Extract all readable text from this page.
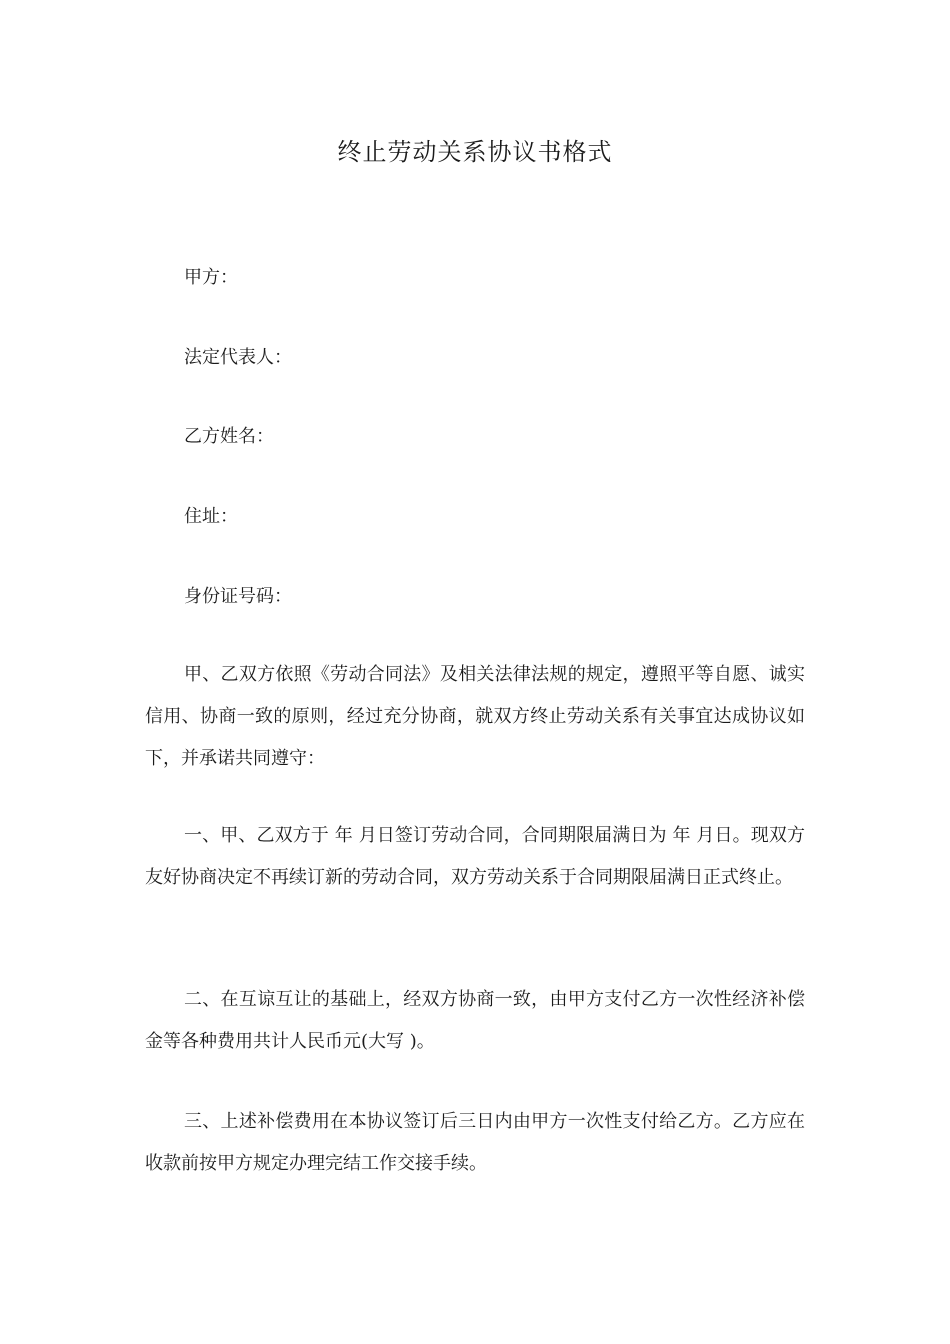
终止劳动关系协议书格式

甲方：

法定代表人：

乙方姓名：

住址：

身份证号码：

甲、乙双方依照《劳动合同法》及相关法律法规的规定，遵照平等自愿、诚实信用、协商一致的原则，经过充分协商，就双方终止劳动关系有关事宜达成协议如下，并承诺共同遵守：

一、甲、乙双方于 年 月日签订劳动合同，合同期限届满日为 年 月日。现双方友好协商决定不再续订新的劳动合同，双方劳动关系于合同期限届满日正式终止。

二、在互谅互让的基础上，经双方协商一致，由甲方支付乙方一次性经济补偿金等各种费用共计人民币元(大写 )。

三、上述补偿费用在本协议签订后三日内由甲方一次性支付给乙方。乙方应在收款前按甲方规定办理完结工作交接手续。
